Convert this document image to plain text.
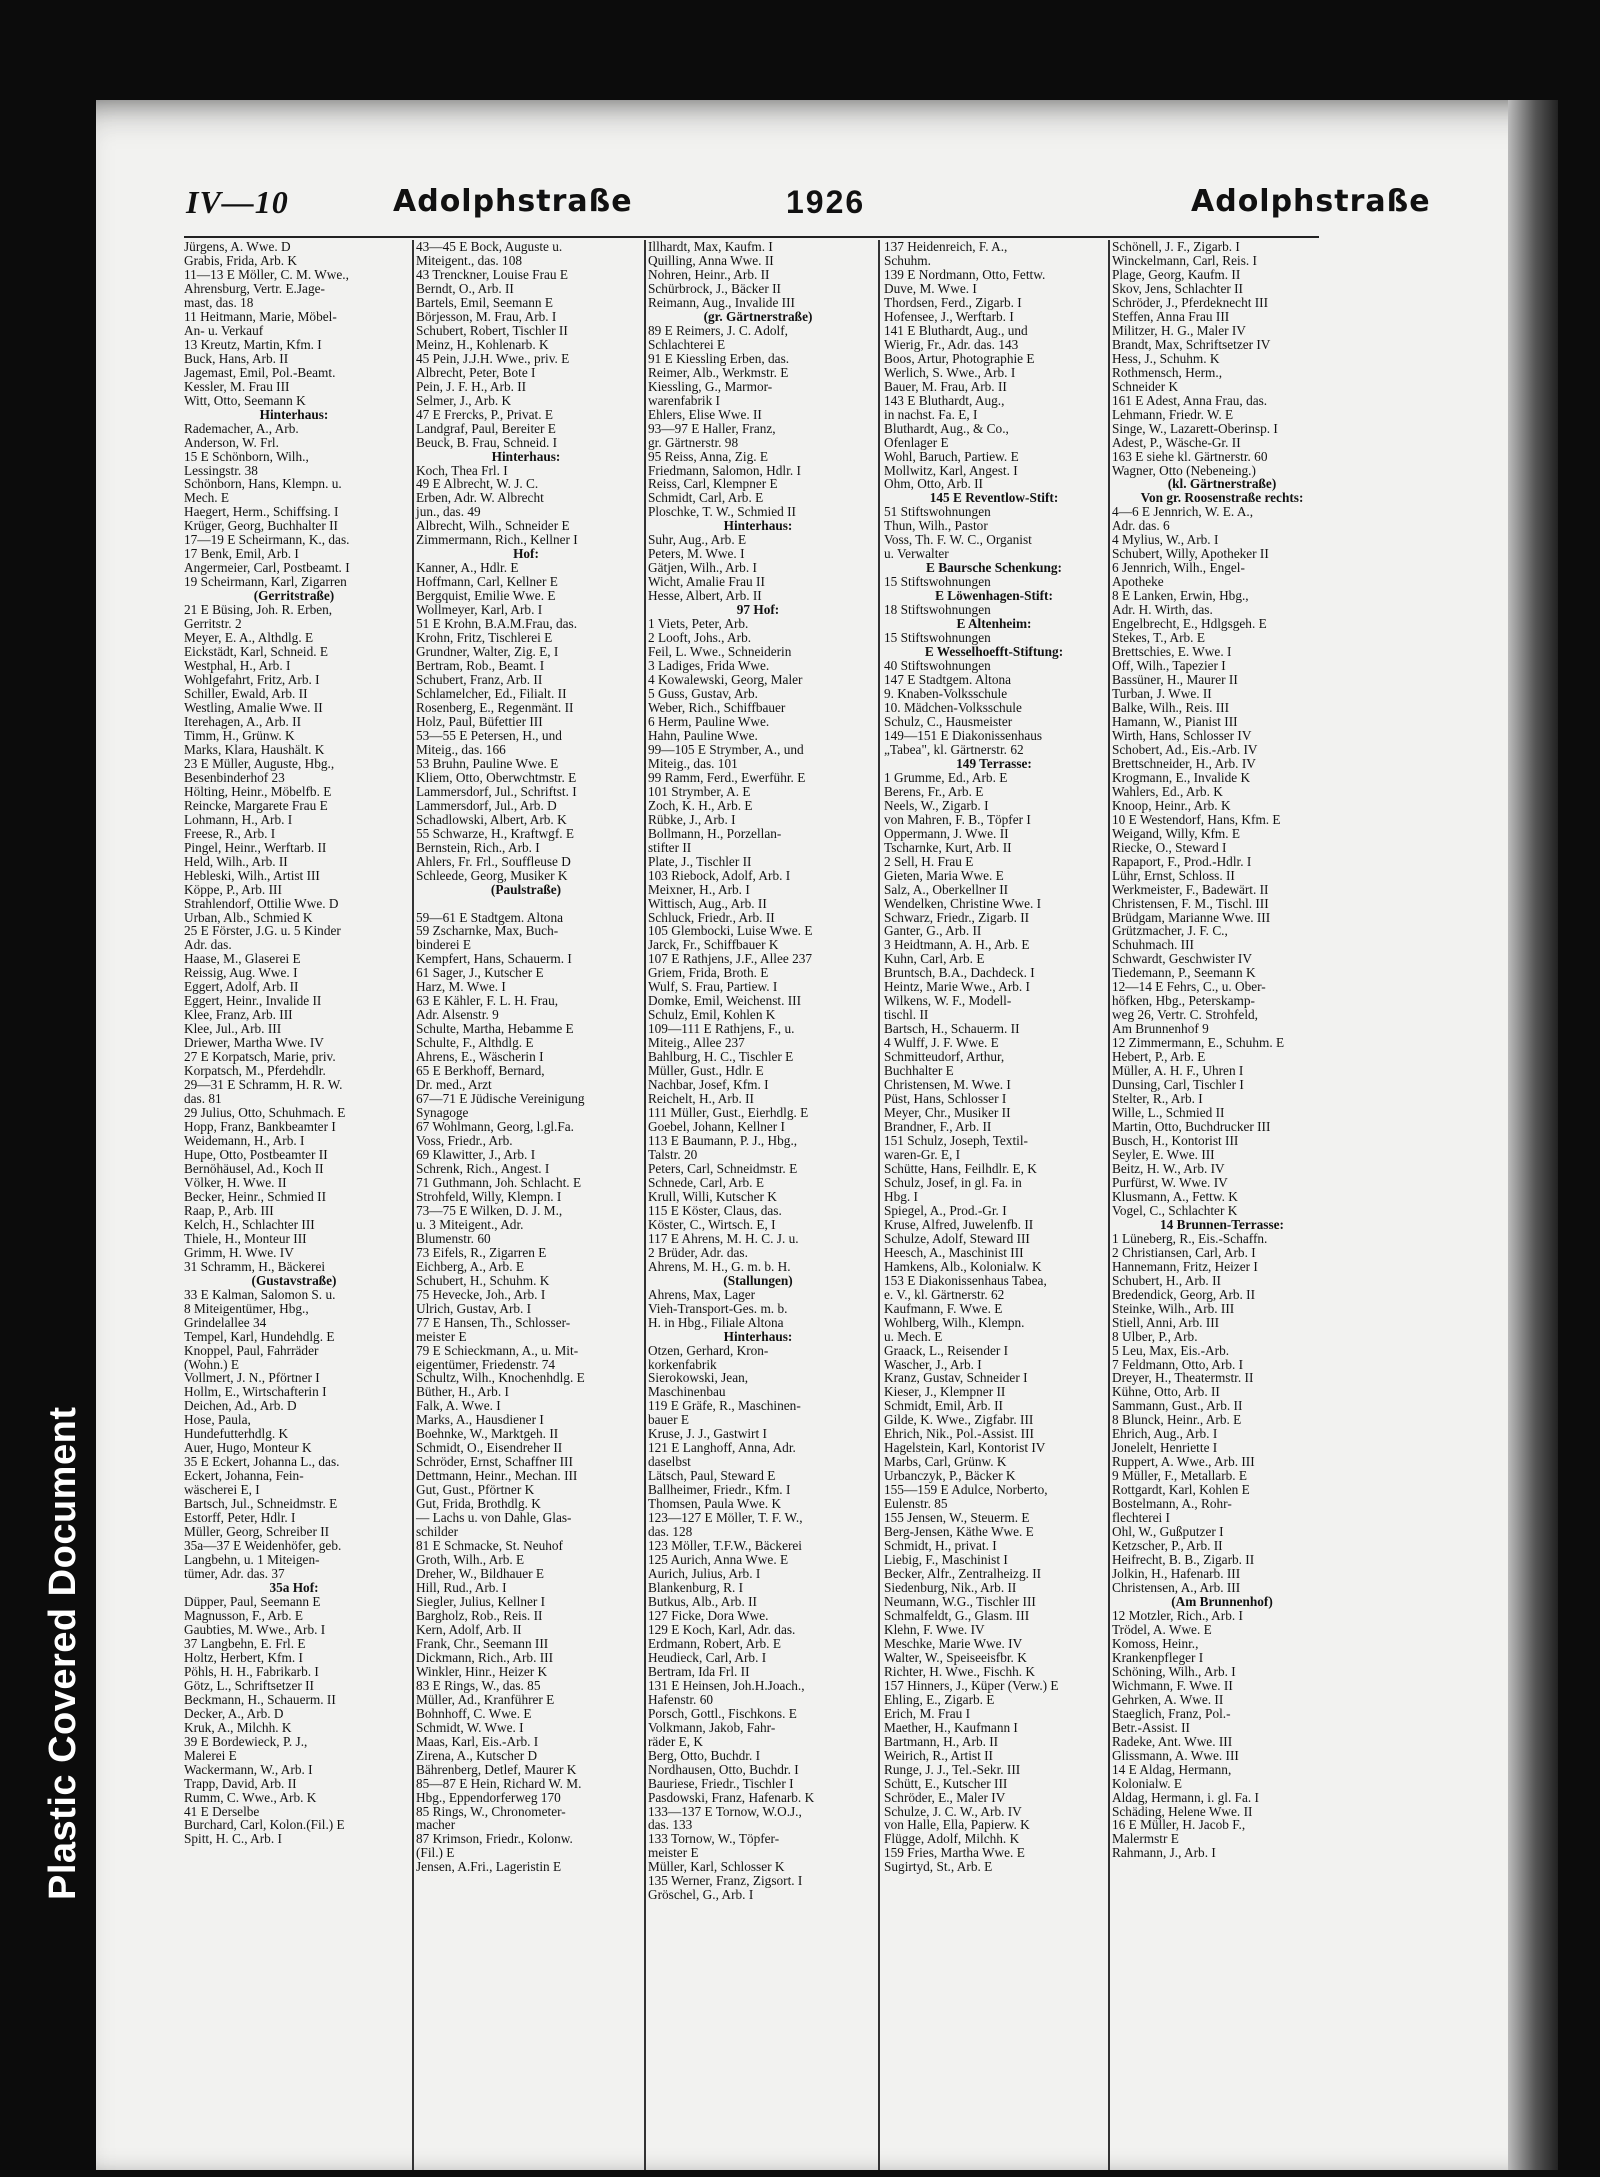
Plastic Covered Document
IV—10	Adolphstraße	1926	Adolphstraße
Jürgens, A. Wwe. D
Grabis, Frida, Arb. K
11—13 E Möller, C. M. Wwe.,
Ahrensburg, Vertr. E.Jage-
mast, das. 18
11 Heitmann, Marie, Möbel-
An- u. Verkauf
13 Kreutz, Martin, Kfm. I
Buck, Hans, Arb. II
Jagemast, Emil, Pol.-Beamt.
Kessler, M. Frau III
Witt, Otto, Seemann K
Hinterhaus:
Rademacher, A., Arb.
Anderson, W. Frl.
15 E Schönborn, Wilh.,
Lessingstr. 38
Schönborn, Hans, Klempn. u.
Mech. E
Haegert, Herm., Schiffsing. I
Krüger, Georg, Buchhalter II
17—19 E Scheirmann, K., das.
17 Benk, Emil, Arb. I
Angermeier, Carl, Postbeamt. I
19 Scheirmann, Karl, Zigarren
(Gerritstraße)
21 E Büsing, Joh. R. Erben,
Gerritstr. 2
Meyer, E. A., Althdlg. E
Eickstädt, Karl, Schneid. E
Westphal, H., Arb. I
Wohlgefahrt, Fritz, Arb. I
Schiller, Ewald, Arb. II
Westling, Amalie Wwe. II
Iterehagen, A., Arb. II
Timm, H., Grünw. K
Marks, Klara, Haushält. K
23 E Müller, Auguste, Hbg.,
Besenbinderhof 23
Hölting, Heinr., Möbelfb. E
Reincke, Margarete Frau E
Lohmann, H., Arb. I
Freese, R., Arb. I
Pingel, Heinr., Werftarb. II
Held, Wilh., Arb. II
Hebleski, Wilh., Artist III
Köppe, P., Arb. III
Strahlendorf, Ottilie Wwe. D
Urban, Alb., Schmied K
25 E Förster, J.G. u. 5 Kinder
Adr. das.
Haase, M., Glaserei E
Reissig, Aug. Wwe. I
Eggert, Adolf, Arb. II
Eggert, Heinr., Invalide II
Klee, Franz, Arb. III
Klee, Jul., Arb. III
Driewer, Martha Wwe. IV
27 E Korpatsch, Marie, priv.
Korpatsch, M., Pferdehdlr.
29—31 E Schramm, H. R. W.
das. 81
29 Julius, Otto, Schuhmach. E
Hopp, Franz, Bankbeamter I
Weidemann, H., Arb. I
Hupe, Otto, Postbeamter II
Bernöhäusel, Ad., Koch II
Völker, H. Wwe. II
Becker, Heinr., Schmied II
Raap, P., Arb. III
Kelch, H., Schlachter III
Thiele, H., Monteur III
Grimm, H. Wwe. IV
31 Schramm, H., Bäckerei
(Gustavstraße)
33 E Kalman, Salomon S. u.
8 Miteigentümer, Hbg.,
Grindelallee 34
Tempel, Karl, Hundehdlg. E
Knoppel, Paul, Fahrräder
(Wohn.) E
Vollmert, J. N., Pförtner I
Hollm, E., Wirtschafterin I
Deichen, Ad., Arb. D
Hose, Paula,
Hundefutterhdlg. K
Auer, Hugo, Monteur K
35 E Eckert, Johanna L., das.
Eckert, Johanna, Fein-
wäscherei E, I
Bartsch, Jul., Schneidmstr. E
Estorff, Peter, Hdlr. I
Müller, Georg, Schreiber II
35a—37 E Weidenhöfer, geb.
Langbehn, u. 1 Miteigen-
tümer, Adr. das. 37
35a Hof:
Düpper, Paul, Seemann E
Magnusson, F., Arb. E
Gaubties, M. Wwe., Arb. I
37 Langbehn, E. Frl. E
Holtz, Herbert, Kfm. I
Pöhls, H. H., Fabrikarb. I
Götz, L., Schriftsetzer II
Beckmann, H., Schauerm. II
Decker, A., Arb. D
Kruk, A., Milchh. K
39 E Bordewieck, P. J.,
Malerei E
Wackermann, W., Arb. I
Trapp, David, Arb. II
Rumm, C. Wwe., Arb. K
41 E Derselbe
Burchard, Carl, Kolon.(Fil.) E
Spitt, H. C., Arb. I
43—45 E Bock, Auguste u.
Miteigent., das. 108
43 Trenckner, Louise Frau E
Berndt, O., Arb. II
Bartels, Emil, Seemann E
Börjesson, M. Frau, Arb. I
Schubert, Robert, Tischler II
Meinz, H., Kohlenarb. K
45 Pein, J.J.H. Wwe., priv. E
Albrecht, Peter, Bote I
Pein, J. F. H., Arb. II
Selmer, J., Arb. K
47 E Frercks, P., Privat. E
Landgraf, Paul, Bereiter E
Beuck, B. Frau, Schneid. I
Hinterhaus:
Koch, Thea Frl. I
49 E Albrecht, W. J. C.
Erben, Adr. W. Albrecht
jun., das. 49
Albrecht, Wilh., Schneider E
Zimmermann, Rich., Kellner I
Hof:
Kanner, A., Hdlr. E
Hoffmann, Carl, Kellner E
Bergquist, Emilie Wwe. E
Wollmeyer, Karl, Arb. I
51 E Krohn, B.A.M.Frau, das.
Krohn, Fritz, Tischlerei E
Grundner, Walter, Zig. E, I
Bertram, Rob., Beamt. I
Schubert, Franz, Arb. II
Schlamelcher, Ed., Filialt. II
Rosenberg, E., Regenmänt. II
Holz, Paul, Büfettier III
53—55 E Petersen, H., und
Miteig., das. 166
53 Bruhn, Pauline Wwe. E
Kliem, Otto, Oberwchtmstr. E
Lammersdorf, Jul., Schriftst. I
Lammersdorf, Jul., Arb. D
Schadlowski, Albert, Arb. K
55 Schwarze, H., Kraftwgf. E
Bernstein, Rich., Arb. I
Ahlers, Fr. Frl., Souffleuse D
Schleede, Georg, Musiker K
(Paulstraße)
59—61 E Stadtgem. Altona
59 Zscharnke, Max, Buch-
binderei E
Kempfert, Hans, Schauerm. I
61 Sager, J., Kutscher E
Harz, M. Wwe. I
63 E Kähler, F. L. H. Frau,
Adr. Alsenstr. 9
Schulte, Martha, Hebamme E
Schulte, F., Althdlg. E
Ahrens, E., Wäscherin I
65 E Berkhoff, Bernard,
Dr. med., Arzt
67—71 E Jüdische Vereinigung
Synagoge
67 Wohlmann, Georg, l.gl.Fa.
Voss, Friedr., Arb.
69 Klawitter, J., Arb. I
Schrenk, Rich., Angest. I
71 Guthmann, Joh. Schlacht. E
Strohfeld, Willy, Klempn. I
73—75 E Wilken, D. J. M.,
u. 3 Miteigent., Adr.
Blumenstr. 60
73 Eifels, R., Zigarren E
Eichberg, A., Arb. E
Schubert, H., Schuhm. K
75 Hevecke, Joh., Arb. I
Ulrich, Gustav, Arb. I
77 E Hansen, Th., Schlosser-
meister E
79 E Schieckmann, A., u. Mit-
eigentümer, Friedenstr. 74
Schultz, Wilh., Knochenhdlg. E
Büther, H., Arb. I
Falk, A. Wwe. I
Marks, A., Hausdiener I
Boehnke, W., Marktgeh. II
Schmidt, O., Eisendreher II
Schröder, Ernst, Schaffner III
Dettmann, Heinr., Mechan. III
Gut, Gust., Pförtner K
Gut, Frida, Brothdlg. K
— Lachs u. von Dahle, Glas-
schilder
81 E Schmacke, St. Neuhof
Groth, Wilh., Arb. E
Dreher, W., Bildhauer E
Hill, Rud., Arb. I
Siegler, Julius, Kellner I
Bargholz, Rob., Reis. II
Kern, Adolf, Arb. II
Frank, Chr., Seemann III
Dickmann, Rich., Arb. III
Winkler, Hinr., Heizer K
83 E Rings, W., das. 85
Müller, Ad., Kranführer E
Bohnhoff, C. Wwe. E
Schmidt, W. Wwe. I
Maas, Karl, Eis.-Arb. I
Zirena, A., Kutscher D
Bährenberg, Detlef, Maurer K
85—87 E Hein, Richard W. M.
Hbg., Eppendorferweg 170
85 Rings, W., Chronometer-
macher
87 Krimson, Friedr., Kolonw.
(Fil.) E
Jensen, A.Fri., Lageristin E
Illhardt, Max, Kaufm. I
Quilling, Anna Wwe. II
Nohren, Heinr., Arb. II
Schürbrock, J., Bäcker II
Reimann, Aug., Invalide III
(gr. Gärtnerstraße)
89 E Reimers, J. C. Adolf,
Schlachterei E
91 E Kiessling Erben, das.
Reimer, Alb., Werkmstr. E
Kiessling, G., Marmor-
warenfabrik I
Ehlers, Elise Wwe. II
93—97 E Haller, Franz,
gr. Gärtnerstr. 98
95 Reiss, Anna, Zig. E
Friedmann, Salomon, Hdlr. I
Reiss, Carl, Klempner E
Schmidt, Carl, Arb. E
Ploschke, T. W., Schmied II
Hinterhaus:
Suhr, Aug., Arb. E
Peters, M. Wwe. I
Gätjen, Wilh., Arb. I
Wicht, Amalie Frau II
Hesse, Albert, Arb. II
97 Hof:
1 Viets, Peter, Arb.
2 Looft, Johs., Arb.
Feil, L. Wwe., Schneiderin
3 Ladiges, Frida Wwe.
4 Kowalewski, Georg, Maler
5 Guss, Gustav, Arb.
Weber, Rich., Schiffbauer
6 Herm, Pauline Wwe.
Hahn, Pauline Wwe.
99—105 E Strymber, A., und
Miteig., das. 101
99 Ramm, Ferd., Ewerführ. E
101 Strymber, A. E
Zoch, K. H., Arb. E
Rübke, J., Arb. I
Bollmann, H., Porzellan-
stifter II
Plate, J., Tischler II
103 Riebock, Adolf, Arb. I
Meixner, H., Arb. I
Wittisch, Aug., Arb. II
Schluck, Friedr., Arb. II
105 Glembocki, Luise Wwe. E
Jarck, Fr., Schiffbauer K
107 E Rathjens, J.F., Allee 237
Griem, Frida, Broth. E
Wulf, S. Frau, Partiew. I
Domke, Emil, Weichenst. III
Schulz, Emil, Kohlen K
109—111 E Rathjens, F., u.
Miteig., Allee 237
Bahlburg, H. C., Tischler E
Müller, Gust., Hdlr. E
Nachbar, Josef, Kfm. I
Reichelt, H., Arb. II
111 Müller, Gust., Eierhdlg. E
Goebel, Johann, Kellner I
113 E Baumann, P. J., Hbg.,
Talstr. 20
Peters, Carl, Schneidmstr. E
Schnede, Carl, Arb. E
Krull, Willi, Kutscher K
115 E Köster, Claus, das.
Köster, C., Wirtsch. E, I
117 E Ahrens, M. H. C. J. u.
2 Brüder, Adr. das.
Ahrens, M. H., G. m. b. H.
(Stallungen)
Ahrens, Max, Lager
Vieh-Transport-Ges. m. b.
H. in Hbg., Filiale Altona
Hinterhaus:
Otzen, Gerhard, Kron-
korkenfabrik
Sierokowski, Jean,
Maschinenbau
119 E Gräfe, R., Maschinen-
bauer E
Kruse, J. J., Gastwirt I
121 E Langhoff, Anna, Adr.
daselbst
Lätsch, Paul, Steward E
Ballheimer, Friedr., Kfm. I
Thomsen, Paula Wwe. K
123—127 E Möller, T. F. W.,
das. 128
123 Möller, T.F.W., Bäckerei
125 Aurich, Anna Wwe. E
Aurich, Julius, Arb. I
Blankenburg, R. I
Butkus, Alb., Arb. II
127 Ficke, Dora Wwe.
129 E Koch, Karl, Adr. das.
Erdmann, Robert, Arb. E
Heudieck, Carl, Arb. I
Bertram, Ida Frl. II
131 E Heinsen, Joh.H.Joach.,
Hafenstr. 60
Porsch, Gottl., Fischkons. E
Volkmann, Jakob, Fahr-
räder E, K
Berg, Otto, Buchdr. I
Nordhausen, Otto, Buchdr. I
Bauriese, Friedr., Tischler I
Pasdowski, Franz, Hafenarb. K
133—137 E Tornow, W.O.J.,
das. 133
133 Tornow, W., Töpfer-
meister E
Müller, Karl, Schlosser K
135 Werner, Franz, Zigsort. I
Gröschel, G., Arb. I
137 Heidenreich, F. A.,
Schuhm.
139 E Nordmann, Otto, Fettw.
Duve, M. Wwe. I
Thordsen, Ferd., Zigarb. I
Hofensee, J., Werftarb. I
141 E Bluthardt, Aug., und
Wierig, Fr., Adr. das. 143
Boos, Artur, Photographie E
Werlich, S. Wwe., Arb. I
Bauer, M. Frau, Arb. II
143 E Bluthardt, Aug.,
in nachst. Fa. E, I
Bluthardt, Aug., & Co.,
Ofenlager E
Wohl, Baruch, Partiew. E
Mollwitz, Karl, Angest. I
Ohm, Otto, Arb. II
145 E Reventlow-Stift:
51 Stiftswohnungen
Thun, Wilh., Pastor
Voss, Th. F. W. C., Organist
u. Verwalter
E Baursche Schenkung:
15 Stiftswohnungen
E Löwenhagen-Stift:
18 Stiftswohnungen
E Altenheim:
15 Stiftswohnungen
E Wesselhoefft-Stiftung:
40 Stiftswohnungen
147 E Stadtgem. Altona
9. Knaben-Volksschule
10. Mädchen-Volksschule
Schulz, C., Hausmeister
149—151 E Diakonissenhaus
„Tabea", kl. Gärtnerstr. 62
149 Terrasse:
1 Grumme, Ed., Arb. E
Berens, Fr., Arb. E
Neels, W., Zigarb. I
von Mahren, F. B., Töpfer I
Oppermann, J. Wwe. II
Tscharnke, Kurt, Arb. II
2 Sell, H. Frau E
Gieten, Maria Wwe. E
Salz, A., Oberkellner II
Wendelken, Christine Wwe. I
Schwarz, Friedr., Zigarb. II
Ganter, G., Arb. II
3 Heidtmann, A. H., Arb. E
Kuhn, Carl, Arb. E
Bruntsch, B.A., Dachdeck. I
Heintz, Marie Wwe., Arb. I
Wilkens, W. F., Modell-
tischl. II
Bartsch, H., Schauerm. II
4 Wulff, J. F. Wwe. E
Schmitteudorf, Arthur,
Buchhalter E
Christensen, M. Wwe. I
Püst, Hans, Schlosser I
Meyer, Chr., Musiker II
Brandner, F., Arb. II
151 Schulz, Joseph, Textil-
waren-Gr. E, I
Schütte, Hans, Feilhdlr. E, K
Schulz, Josef, in gl. Fa. in
Hbg. I
Spiegel, A., Prod.-Gr. I
Kruse, Alfred, Juwelenfb. II
Schulze, Adolf, Steward III
Heesch, A., Maschinist III
Hamkens, Alb., Kolonialw. K
153 E Diakonissenhaus Tabea,
e. V., kl. Gärtnerstr. 62
Kaufmann, F. Wwe. E
Wohlberg, Wilh., Klempn.
u. Mech. E
Graack, L., Reisender I
Wascher, J., Arb. I
Kranz, Gustav, Schneider I
Kieser, J., Klempner II
Schmidt, Emil, Arb. II
Gilde, K. Wwe., Zigfabr. III
Ehrich, Nik., Pol.-Assist. III
Hagelstein, Karl, Kontorist IV
Marbs, Carl, Grünw. K
Urbanczyk, P., Bäcker K
155—159 E Adulce, Norberto,
Eulenstr. 85
155 Jensen, W., Steuerm. E
Berg-Jensen, Käthe Wwe. E
Schmidt, H., privat. I
Liebig, F., Maschinist I
Becker, Alfr., Zentralheizg. II
Siedenburg, Nik., Arb. II
Neumann, W.G., Tischler III
Schmalfeldt, G., Glasm. III
Klehn, F. Wwe. IV
Meschke, Marie Wwe. IV
Walter, W., Speiseeisfbr. K
Richter, H. Wwe., Fischh. K
157 Hinners, J., Küper (Verw.) E
Ehling, E., Zigarb. E
Erich, M. Frau I
Maether, H., Kaufmann I
Bartmann, H., Arb. II
Weirich, R., Artist II
Runge, J. J., Tel.-Sekr. III
Schütt, E., Kutscher III
Schröder, E., Maler IV
Schulze, J. C. W., Arb. IV
von Halle, Ella, Papierw. K
Flügge, Adolf, Milchh. K
159 Fries, Martha Wwe. E
Sugirtyd, St., Arb. E
Schönell, J. F., Zigarb. I
Winckelmann, Carl, Reis. I
Plage, Georg, Kaufm. II
Skov, Jens, Schlachter II
Schröder, J., Pferdeknecht III
Steffen, Anna Frau III
Militzer, H. G., Maler IV
Brandt, Max, Schriftsetzer IV
Hess, J., Schuhm. K
Rothmensch, Herm.,
Schneider K
161 E Adest, Anna Frau, das.
Lehmann, Friedr. W. E
Singe, W., Lazarett-Oberinsp. I
Adest, P., Wäsche-Gr. II
163 E siehe kl. Gärtnerstr. 60
Wagner, Otto (Nebeneing.)
(kl. Gärtnerstraße)
Von gr. Roosenstraße rechts:
4—6 E Jennrich, W. E. A.,
Adr. das. 6
4 Mylius, W., Arb. I
Schubert, Willy, Apotheker II
6 Jennrich, Wilh., Engel-
Apotheke
8 E Lanken, Erwin, Hbg.,
Adr. H. Wirth, das.
Engelbrecht, E., Hdlgsgeh. E
Stekes, T., Arb. E
Brettschies, E. Wwe. I
Off, Wilh., Tapezier I
Bassüner, H., Maurer II
Turban, J. Wwe. II
Balke, Wilh., Reis. III
Hamann, W., Pianist III
Wirth, Hans, Schlosser IV
Schobert, Ad., Eis.-Arb. IV
Brettschneider, H., Arb. IV
Krogmann, E., Invalide K
Wahlers, Ed., Arb. K
Knoop, Heinr., Arb. K
10 E Westendorf, Hans, Kfm. E
Weigand, Willy, Kfm. E
Riecke, O., Steward I
Rapaport, F., Prod.-Hdlr. I
Lühr, Ernst, Schloss. II
Werkmeister, F., Badewärt. II
Christensen, F. M., Tischl. III
Brüdgam, Marianne Wwe. III
Grützmacher, J. F. C.,
Schuhmach. III
Schwardt, Geschwister IV
Tiedemann, P., Seemann K
12—14 E Fehrs, C., u. Ober-
höfken, Hbg., Peterskamp-
weg 26, Vertr. C. Strohfeld,
Am Brunnenhof 9
12 Zimmermann, E., Schuhm. E
Hebert, P., Arb. E
Müller, A. H. F., Uhren I
Dunsing, Carl, Tischler I
Stelter, R., Arb. I
Wille, L., Schmied II
Martin, Otto, Buchdrucker III
Busch, H., Kontorist III
Seyler, E. Wwe. III
Beitz, H. W., Arb. IV
Purfürst, W. Wwe. IV
Klusmann, A., Fettw. K
Vogel, C., Schlachter K
14 Brunnen-Terrasse:
1 Lüneberg, R., Eis.-Schaffn.
2 Christiansen, Carl, Arb. I
Hannemann, Fritz, Heizer I
Schubert, H., Arb. II
Bredendick, Georg, Arb. II
Steinke, Wilh., Arb. III
Stiell, Anni, Arb. III
8 Ulber, P., Arb.
5 Leu, Max, Eis.-Arb.
7 Feldmann, Otto, Arb. I
Dreyer, H., Theatermstr. II
Kühne, Otto, Arb. II
Sammann, Gust., Arb. II
8 Blunck, Heinr., Arb. E
Ehrich, Aug., Arb. I
Jonelelt, Henriette I
Ruppert, A. Wwe., Arb. III
9 Müller, F., Metallarb. E
Rottgardt, Karl, Kohlen E
Bostelmann, A., Rohr-
flechterei I
Ohl, W., Gußputzer I
Ketzscher, P., Arb. II
Heifrecht, B. B., Zigarb. II
Jolkin, H., Hafenarb. III
Christensen, A., Arb. III
(Am Brunnenhof)
12 Motzler, Rich., Arb. I
Trödel, A. Wwe. E
Komoss, Heinr.,
Krankenpfleger I
Schöning, Wilh., Arb. I
Wichmann, F. Wwe. II
Gehrken, A. Wwe. II
Staeglich, Franz, Pol.-
Betr.-Assist. II
Radeke, Ant. Wwe. III
Glissmann, A. Wwe. III
14 E Aldag, Hermann,
Kolonialw. E
Aldag, Hermann, i. gl. Fa. I
Schäding, Helene Wwe. II
16 E Müller, H. Jacob F.,
Malermstr E
Rahmann, J., Arb. I
